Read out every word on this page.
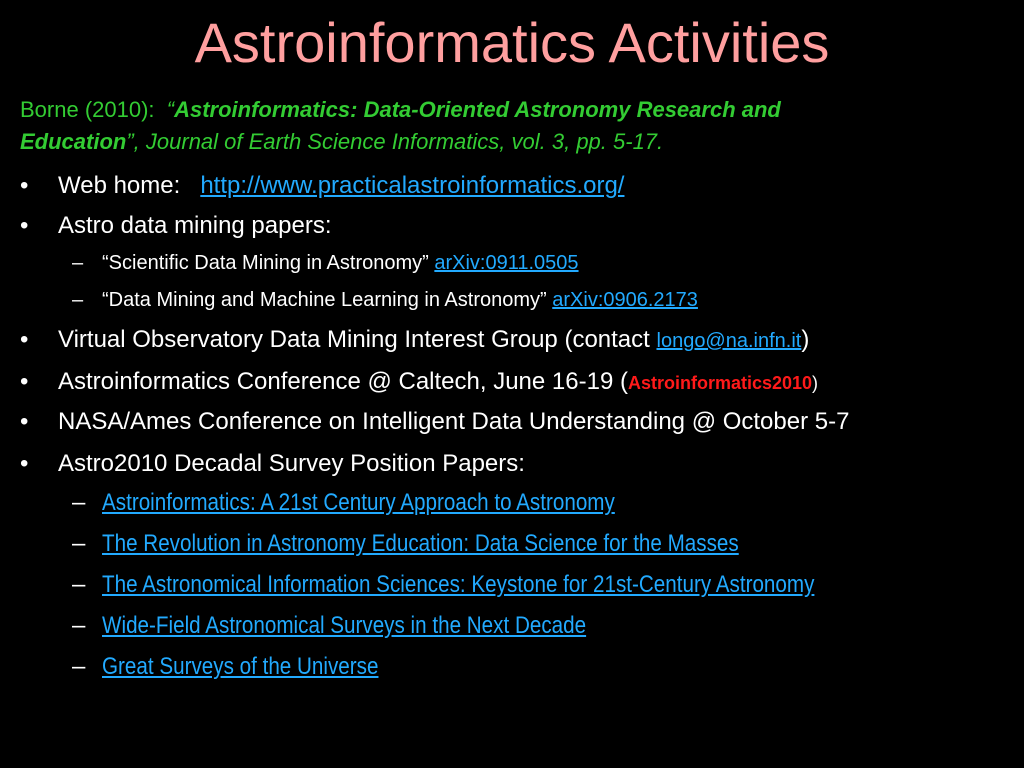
Astroinformatics Activities
Borne (2010): “Astroinformatics: Data-Oriented Astronomy Research and
Education”, Journal of Earth Science Informatics, vol. 3, pp. 5-17.
• Web home: http://www.practicalastroinformatics.org/
• Astro data mining papers:
– “Scientific Data Mining in Astronomy” arXiv:0911.0505
– “Data Mining and Machine Learning in Astronomy” arXiv:0906.2173
• Virtual Observatory Data Mining Interest Group (contact longo@na.infn.it)
• Astroinformatics Conference @ Caltech, June 16-19 (Astroinformatics2010)
• NASA/Ames Conference on Intelligent Data Understanding @ October 5-7
• Astro2010 Decadal Survey Position Papers:
– Astroinformatics: A 21st Century Approach to Astronomy
– The Revolution in Astronomy Education: Data Science for the Masses
– The Astronomical Information Sciences: Keystone for 21st-Century Astronomy
– Wide-Field Astronomical Surveys in the Next Decade
– Great Surveys of the Universe
